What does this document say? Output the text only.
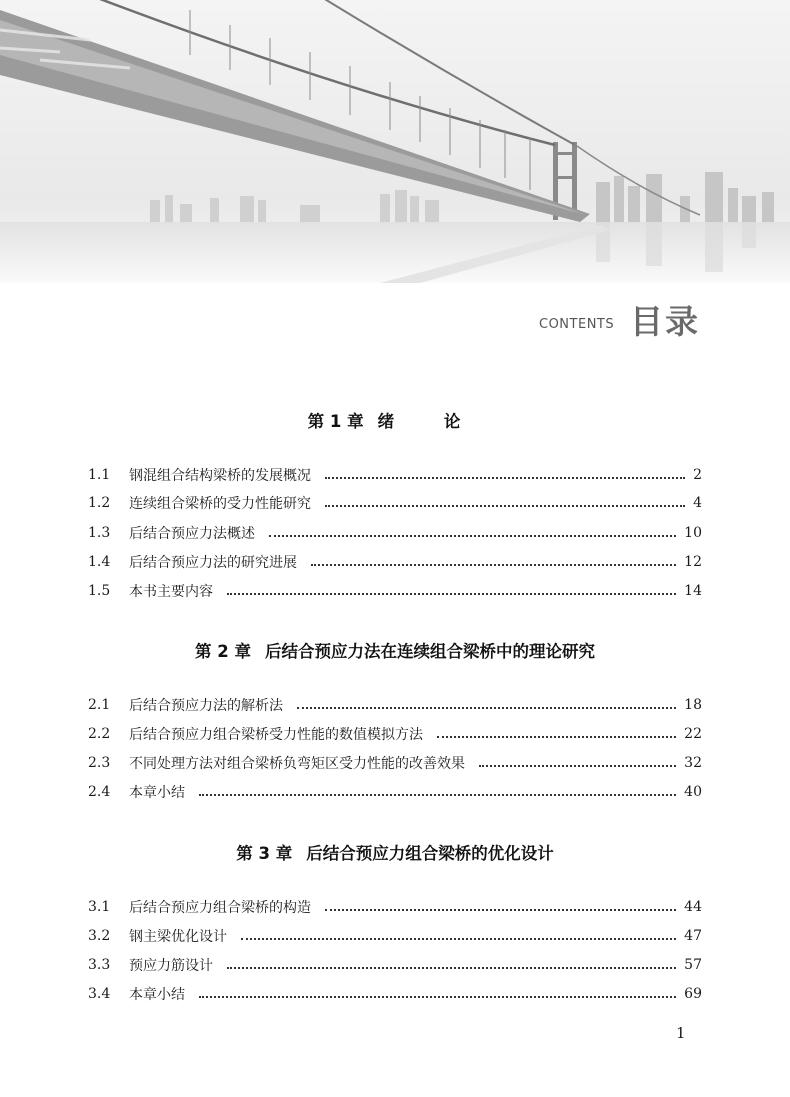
CONTENTS 目录
第 1 章 绪 论
1.1	钢混组合结构梁桥的发展概况	2
1.2	连续组合梁桥的受力性能研究	4
1.3	后结合预应力法概述	10
1.4	后结合预应力法的研究进展	12
1.5	本书主要内容	14
第 2 章 后结合预应力法在连续组合梁桥中的理论研究
2.1	后结合预应力法的解析法	18
2.2	后结合预应力组合梁桥受力性能的数值模拟方法	22
2.3	不同处理方法对组合梁桥负弯矩区受力性能的改善效果	32
2.4	本章小结	40
第 3 章 后结合预应力组合梁桥的优化设计
3.1	后结合预应力组合梁桥的构造	44
3.2	钢主梁优化设计	47
3.3	预应力筋设计	57
3.4	本章小结	69
1
